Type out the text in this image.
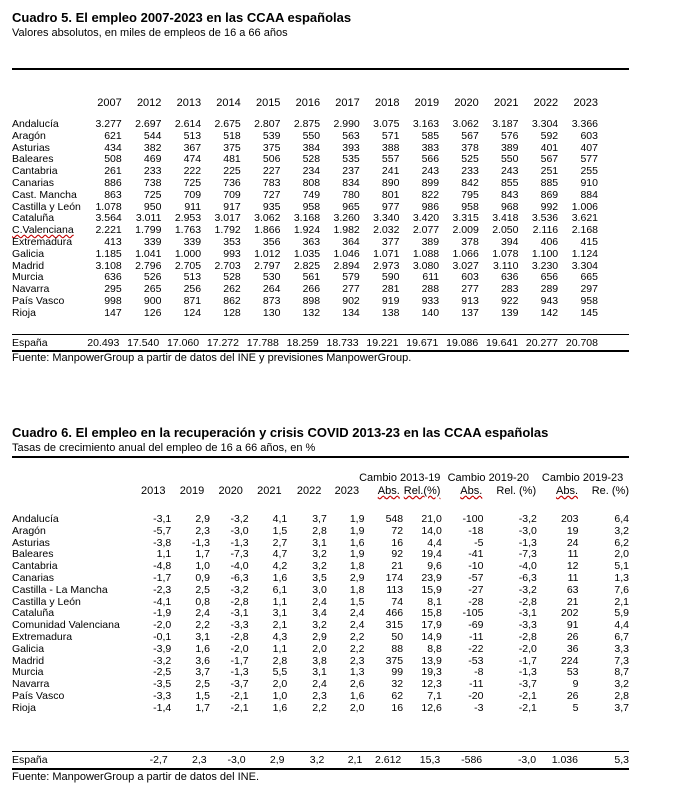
Cuadro 5. El empleo 2007-2023 en las CCAA españolas
Valores absolutos, en miles de empleos de 16 a 66 años
	2007	2012	2013	2014	2015	2016	2017	2018	2019	2020	2021	2022	2023

Andalucía	3.277	2.697	2.614	2.675	2.807	2.875	2.990	3.075	3.163	3.062	3.187	3.304	3.366
Aragón	621	544	513	518	539	550	563	571	585	567	576	592	603
Asturias	434	382	367	375	375	384	393	388	383	378	389	401	407
Baleares	508	469	474	481	506	528	535	557	566	525	550	567	577
Cantabria	261	233	222	225	227	234	237	241	243	233	243	251	255
Canarias	886	738	725	736	783	808	834	890	899	842	855	885	910
Cast. Mancha	863	725	709	709	727	749	780	801	822	795	843	869	884
Castilla y León	1.078	950	911	917	935	958	965	977	986	958	968	992	1.006
Cataluña	3.564	3.011	2.953	3.017	3.062	3.168	3.260	3.340	3.420	3.315	3.418	3.536	3.621
C.Valenciana	2.221	1.799	1.763	1.792	1.866	1.924	1.982	2.032	2.077	2.009	2.050	2.116	2.168
Extremadura	413	339	339	353	356	363	364	377	389	378	394	406	415
Galicia	1.185	1.041	1.000	993	1.012	1.035	1.046	1.071	1.088	1.066	1.078	1.100	1.124
Madrid	3.108	2.796	2.705	2.703	2.797	2.825	2.894	2.973	3.080	3.027	3.110	3.230	3.304
Murcia	636	526	513	528	530	561	579	590	611	603	636	656	665
Navarra	295	265	256	262	264	266	277	281	288	277	283	289	297
País Vasco	998	900	871	862	873	898	902	919	933	913	922	943	958
Rioja	147	126	124	128	130	132	134	138	140	137	139	142	145
España	20.493	17.540	17.060	17.272	17.788	18.259	18.733	19.221	19.671	19.086	19.641	20.277	20.708
Fuente: ManpowerGroup a partir de datos del INE y previsiones ManpowerGroup.
Cuadro 6. El empleo en la recuperación y crisis COVID 2013-23 en las CCAA españolas
Tasas de crecimiento anual del empleo de 16 a 66 años, en %
							Cambio 2013-19		Cambio 2019-20		Cambio 2019-23	
	2013	2019	2020	2021	2022	2023	Abs.	Rel.(%)	Abs.	Rel. (%)	Abs.	Re. (%)
Andalucía	-3,1	2,9	-3,2	4,1	3,7	1,9	548	21,0	-100	-3,2	203	6,4
Aragón	-5,7	2,3	-3,0	1,5	2,8	1,9	72	14,0	-18	-3,0	19	3,2
Asturias	-3,8	-1,3	-1,3	2,7	3,1	1,6	16	4,4	-5	-1,3	24	6,2
Baleares	1,1	1,7	-7,3	4,7	3,2	1,9	92	19,4	-41	-7,3	11	2,0
Cantabria	-4,8	1,0	-4,0	4,2	3,2	1,8	21	9,6	-10	-4,0	12	5,1
Canarias	-1,7	0,9	-6,3	1,6	3,5	2,9	174	23,9	-57	-6,3	11	1,3
Castilla - La Mancha	-2,3	2,5	-3,2	6,1	3,0	1,8	113	15,9	-27	-3,2	63	7,6
Castilla y León	-4,1	0,8	-2,8	1,1	2,4	1,5	74	8,1	-28	-2,8	21	2,1
Cataluña	-1,9	2,4	-3,1	3,1	3,4	2,4	466	15,8	-105	-3,1	202	5,9
Comunidad Valenciana	-2,0	2,2	-3,3	2,1	3,2	2,4	315	17,9	-69	-3,3	91	4,4
Extremadura	-0,1	3,1	-2,8	4,3	2,9	2,2	50	14,9	-11	-2,8	26	6,7
Galicia	-3,9	1,6	-2,0	1,1	2,0	2,2	88	8,8	-22	-2,0	36	3,3
Madrid	-3,2	3,6	-1,7	2,8	3,8	2,3	375	13,9	-53	-1,7	224	7,3
Murcia	-2,5	3,7	-1,3	5,5	3,1	1,3	99	19,3	-8	-1,3	53	8,7
Navarra	-3,5	2,5	-3,7	2,0	2,4	2,6	32	12,3	-11	-3,7	9	3,2
País Vasco	-3,3	1,5	-2,1	1,0	2,3	1,6	62	7,1	-20	-2,1	26	2,8
Rioja	-1,4	1,7	-2,1	1,6	2,2	2,0	16	12,6	-3	-2,1	5	3,7
España	-2,7	2,3	-3,0	2,9	3,2	2,1	2.612	15,3	-586	-3,0	1.036	5,3
Fuente: ManpowerGroup a partir de datos del INE.
